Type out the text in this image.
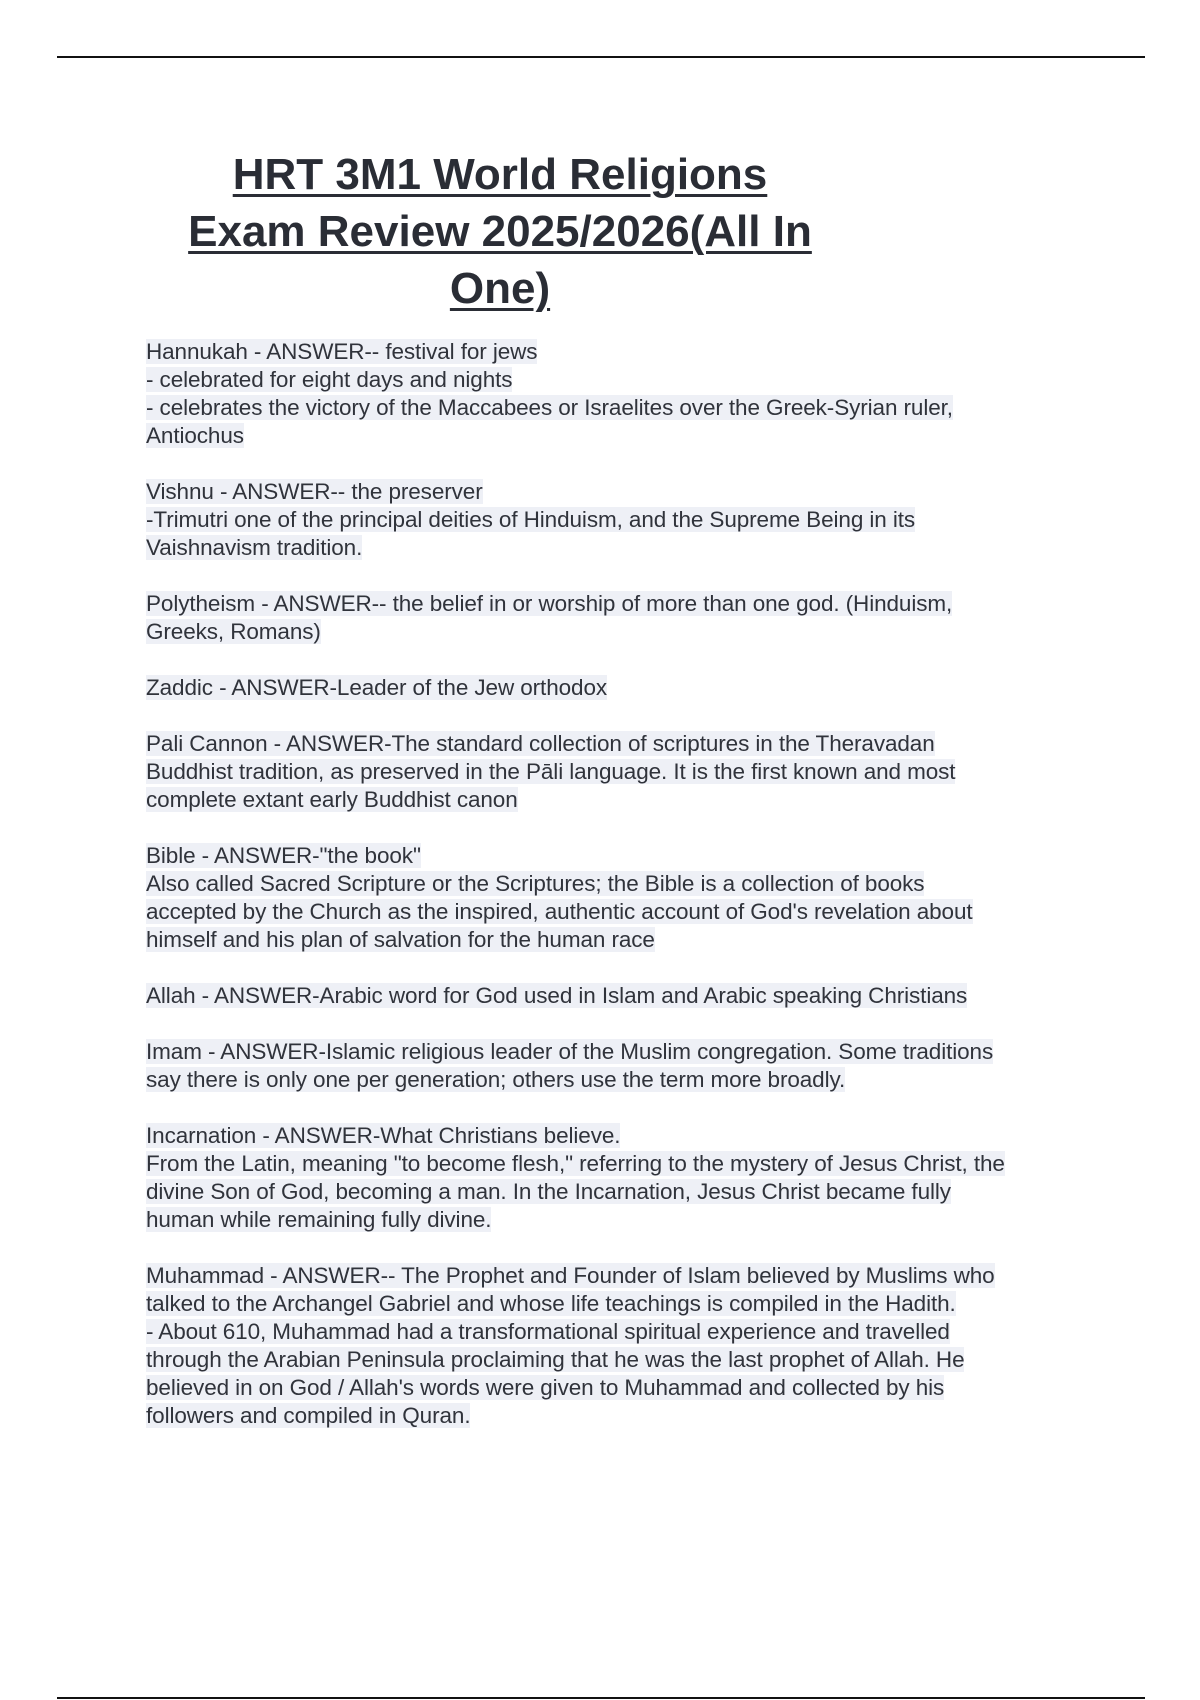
HRT 3M1 World Religions
Exam Review 2025/2026(All In
One)

Hannukah - ANSWER-- festival for jews
- celebrated for eight days and nights
- celebrates the victory of the Maccabees or Israelites over the Greek-Syrian ruler,
Antiochus

Vishnu - ANSWER-- the preserver
-Trimutri one of the principal deities of Hinduism, and the Supreme Being in its
Vaishnavism tradition.

Polytheism - ANSWER-- the belief in or worship of more than one god. (Hinduism,
Greeks, Romans)

Zaddic - ANSWER-Leader of the Jew orthodox

Pali Cannon - ANSWER-The standard collection of scriptures in the Theravadan
Buddhist tradition, as preserved in the Pāli language. It is the first known and most
complete extant early Buddhist canon

Bible - ANSWER-"the book"
Also called Sacred Scripture or the Scriptures; the Bible is a collection of books
accepted by the Church as the inspired, authentic account of God's revelation about
himself and his plan of salvation for the human race

Allah - ANSWER-Arabic word for God used in Islam and Arabic speaking Christians

Imam - ANSWER-Islamic religious leader of the Muslim congregation. Some traditions
say there is only one per generation; others use the term more broadly.

Incarnation - ANSWER-What Christians believe.
From the Latin, meaning "to become flesh," referring to the mystery of Jesus Christ, the
divine Son of God, becoming a man. In the Incarnation, Jesus Christ became fully
human while remaining fully divine.

Muhammad - ANSWER-- The Prophet and Founder of Islam believed by Muslims who
talked to the Archangel Gabriel and whose life teachings is compiled in the Hadith.
- About 610, Muhammad had a transformational spiritual experience and travelled
through the Arabian Peninsula proclaiming that he was the last prophet of Allah. He
believed in on God / Allah's words were given to Muhammad and collected by his
followers and compiled in Quran.
